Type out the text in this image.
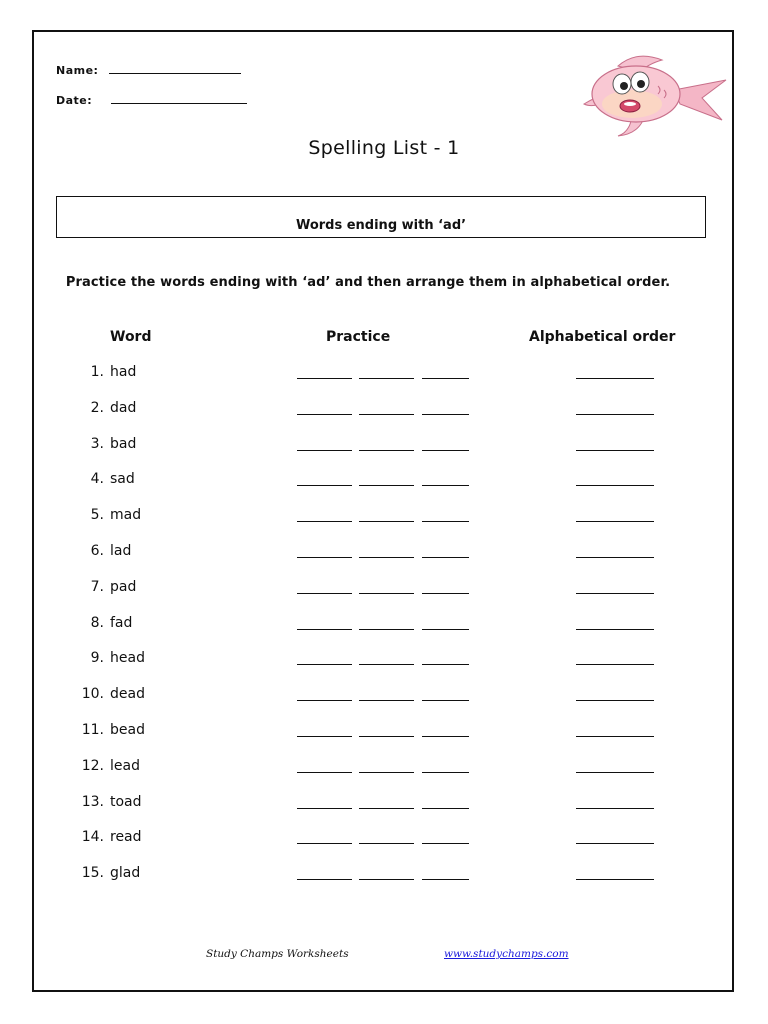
Name:
Date:
Spelling List - 1
Words ending with ‘ad’
Practice the words ending with ‘ad’ and then arrange them in alphabetical order.
Word	Practice	Alphabetical order
1. had
2. dad
3. bad
4. sad
5. mad
6. lad
7. pad
8. fad
9. head
10. dead
11. bead
12. lead
13. toad
14. read
15. glad
Study Champs Worksheets	www.studychamps.com
